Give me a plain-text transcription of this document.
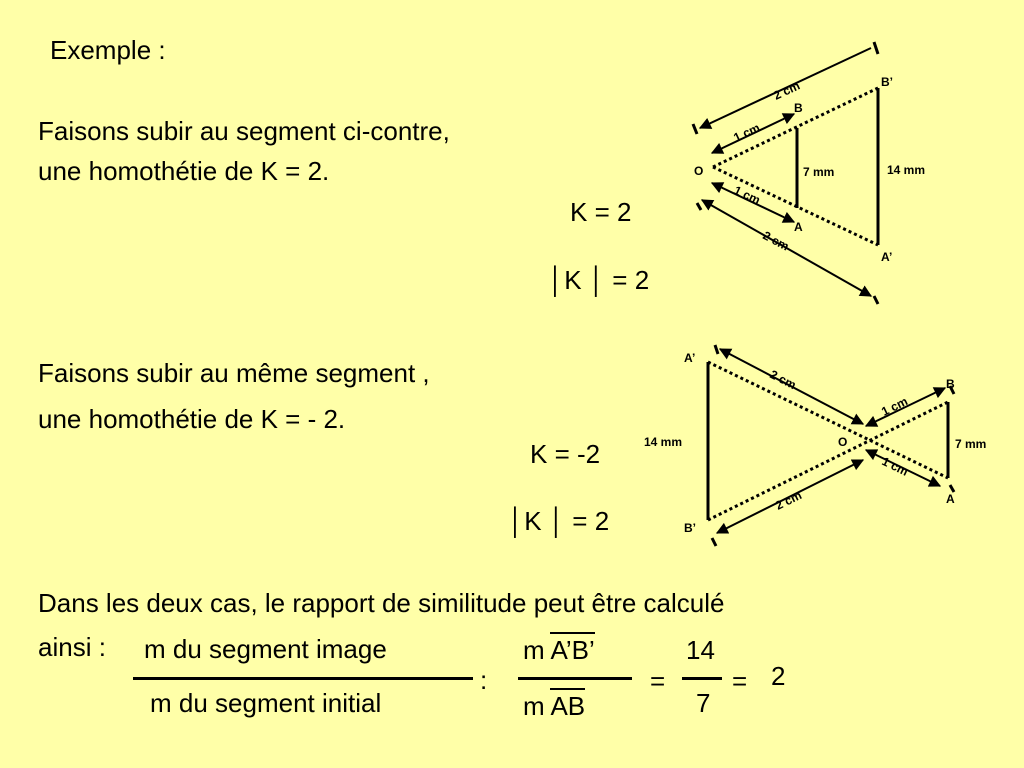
Exemple :
Faisons subir au segment ci-contre,
une homothétie de K = 2.
K = 2
│K │ = 2
Faisons subir au même segment ,
une homothétie de K = - 2.
K = -2
│K │ = 2
O
B
A
B’
A’
7 mm	14 mm
1 cm
2 cm
1 cm
2 cm
O
B
A
A’
B’
7 mm
14 mm
2 cm
1 cm
1 cm
2 cm
Dans les deux cas, le rapport de similitude peut être calculé
ainsi : m du segment image
m du segment initial
:
m A’B’
m AB
=
14
7
= 2
